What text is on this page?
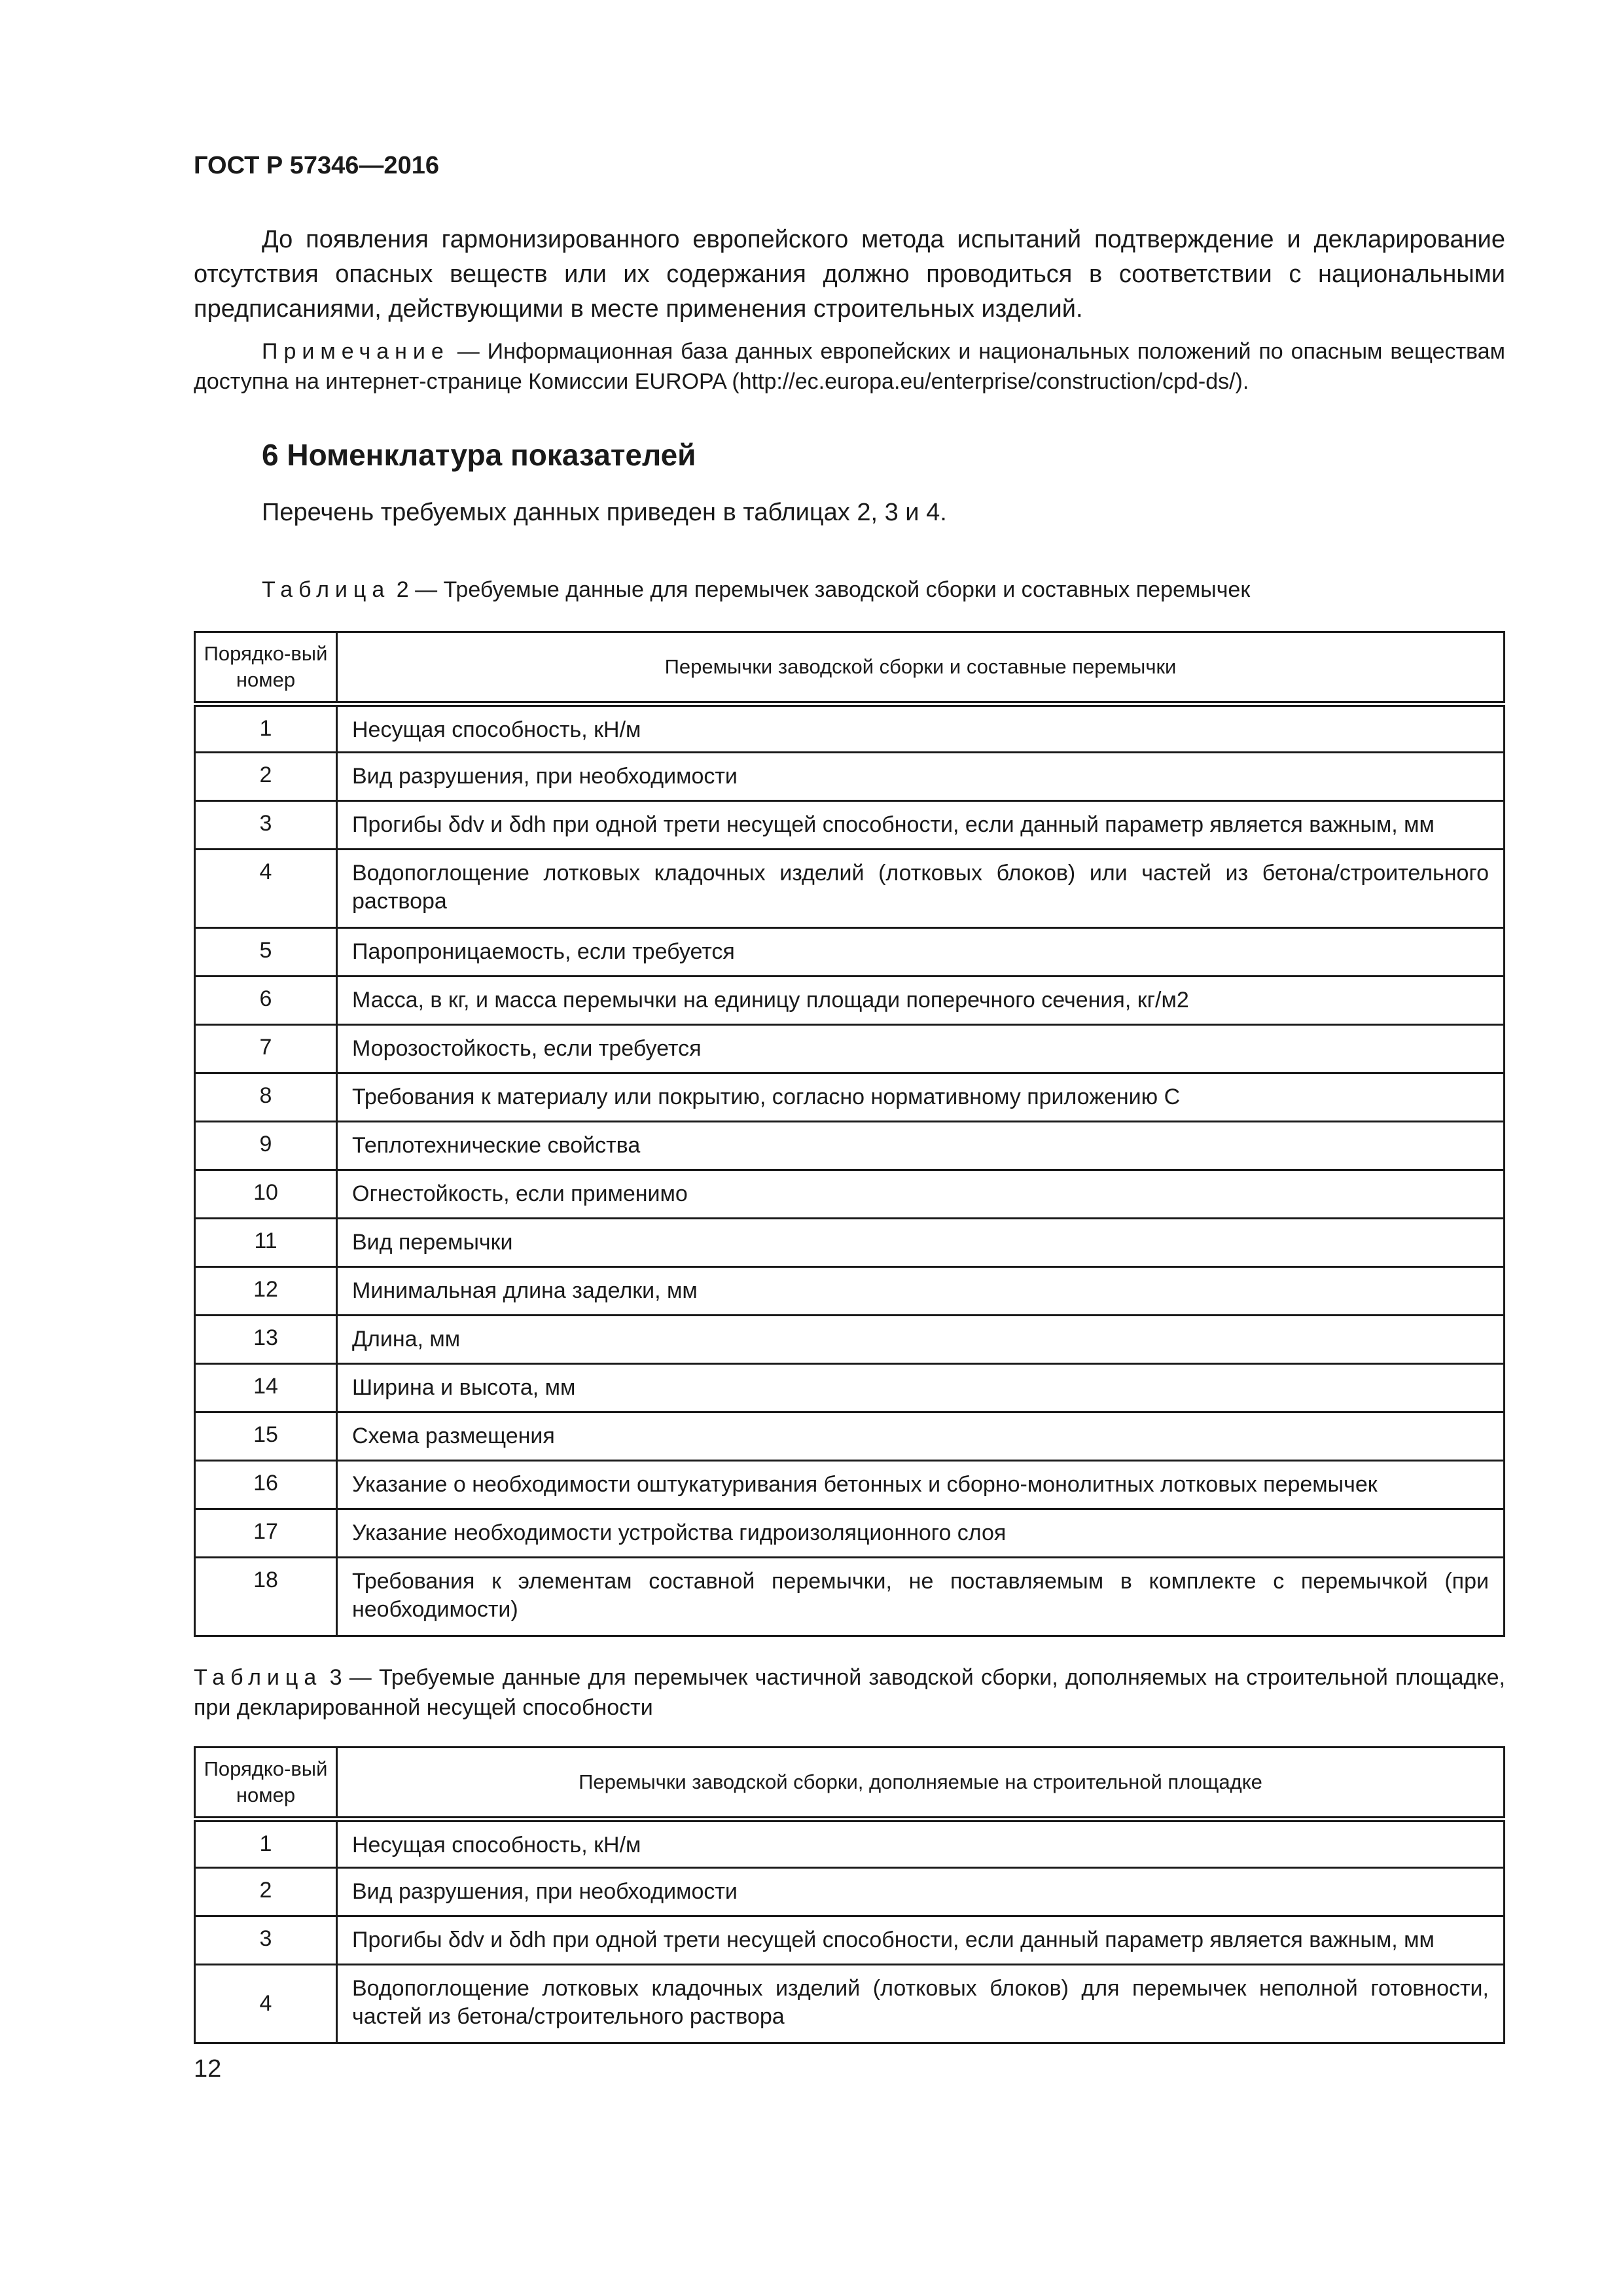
ГОСТ Р 57346—2016

До появления гармонизированного европейского метода испытаний подтверждение и декларирование отсутствия опасных веществ или их содержания должно проводиться в соответствии с национальными предписаниями, действующими в месте применения строительных изделий.

Примечание — Информационная база данных европейских и национальных положений по опасным веществам доступна на интернет-странице Комиссии EUROPA (http://ec.europa.eu/enterprise/construction/cpd-ds/).

6 Номенклатура показателей

Перечень требуемых данных приведен в таблицах 2, 3 и 4.

Таблица 2 — Требуемые данные для перемычек заводской сборки и составных перемычек

Порядко-вый номер	Перемычки заводской сборки и составные перемычки
1	Несущая способность, кН/м
2	Вид разрушения, при необходимости
3	Прогибы δdv и δdh при одной трети несущей способности, если данный параметр является важным, мм
4	Водопоглощение лотковых кладочных изделий (лотковых блоков) или частей из бетона/строительного раствора
5	Паропроницаемость, если требуется
6	Масса, в кг, и масса перемычки на единицу площади поперечного сечения, кг/м2
7	Морозостойкость, если требуется
8	Требования к материалу или покрытию, согласно нормативному приложению С
9	Теплотехнические свойства
10	Огнестойкость, если применимо
11	Вид перемычки
12	Минимальная длина заделки, мм
13	Длина, мм
14	Ширина и высота, мм
15	Схема размещения
16	Указание о необходимости оштукатуривания бетонных и сборно-монолитных лотковых перемычек
17	Указание необходимости устройства гидроизоляционного слоя
18	Требования к элементам составной перемычки, не поставляемым в комплекте с перемычкой (при необходимости)

Таблица 3 — Требуемые данные для перемычек частичной заводской сборки, дополняемых на строительной площадке, при декларированной несущей способности

Порядко-вый номер	Перемычки заводской сборки, дополняемые на строительной площадке
1	Несущая способность, кН/м
2	Вид разрушения, при необходимости
3	Прогибы δdv и δdh при одной трети несущей способности, если данный параметр является важным, мм
4	Водопоглощение лотковых кладочных изделий (лотковых блоков) для перемычек неполной готовности, частей из бетона/строительного раствора
12
